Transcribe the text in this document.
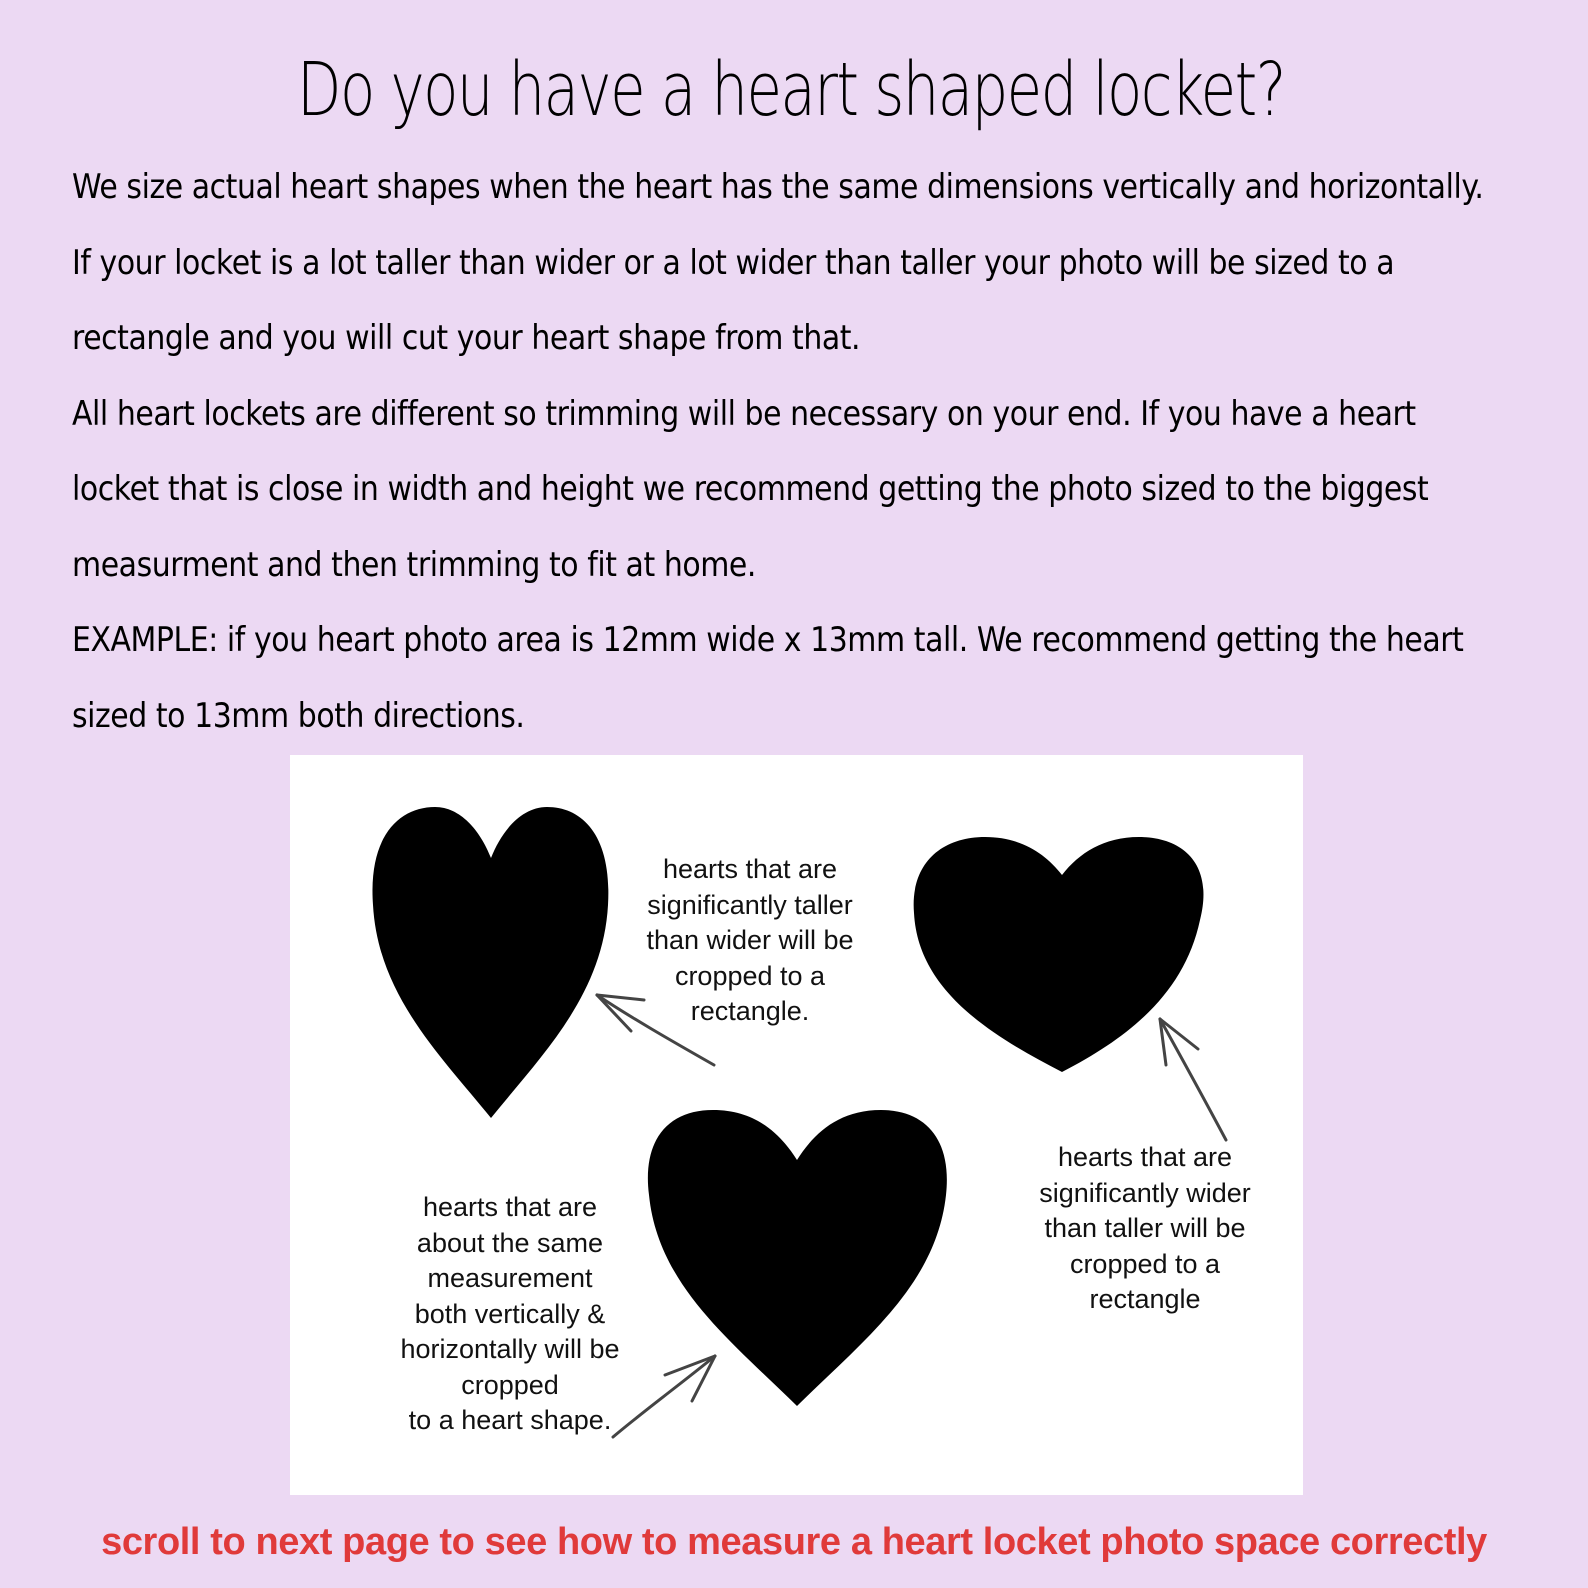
Do you have a heart shaped locket?

We size actual heart shapes when the heart has the same dimensions vertically and horizontally. If your locket is a lot taller than wider or a lot wider than taller your photo will be sized to a rectangle and you will cut your heart shape from that.

All heart lockets are different so trimming will be necessary on your end. If you have a heart locket that is close in width and height we recommend getting the photo sized to the biggest measurment and then trimming to fit at home.

EXAMPLE: if you heart photo area is 12mm wide x 13mm tall. We recommend getting the heart sized to 13mm both directions.

hearts that are
significantly taller
than wider will be
cropped to a
rectangle.
hearts that are
significantly wider
than taller will be
cropped to a
rectangle
hearts that are
about the same
measurement
both vertically &
horizontally will be
cropped
to a heart shape.
scroll to next page to see how to measure a heart locket photo space correctly
